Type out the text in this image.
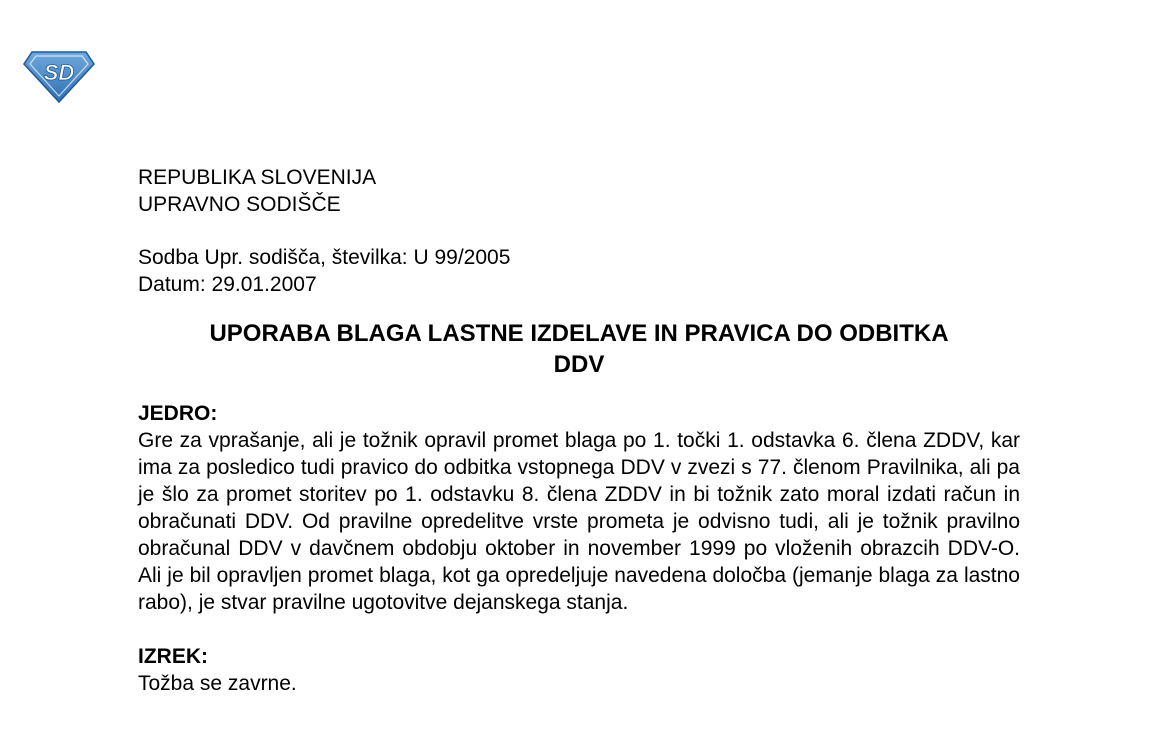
SD

REPUBLIKA SLOVENIJA

UPRAVNO SODIŠČE

Sodba Upr. sodišča, številka: U 99/2005

Datum: 29.01.2007

UPORABA BLAGA LASTNE IZDELAVE IN PRAVICA DO ODBITKA

DDV

JEDRO:

Gre za vprašanje, ali je tožnik opravil promet blaga po 1. točki 1. odstavka 6. člena ZDDV, kar ima za posledico tudi pravico do odbitka vstopnega DDV v zvezi s 77. členom Pravilnika, ali pa je šlo za promet storitev po 1. odstavku 8. člena ZDDV in bi tožnik zato moral izdati račun in obračunati DDV. Od pravilne opredelitve vrste prometa je odvisno tudi, ali je tožnik pravilno obračunal DDV v davčnem obdobju oktober in november 1999 po vloženih obrazcih DDV-O. Ali je bil opravljen promet blaga, kot ga opredeljuje navedena določba (jemanje blaga za lastno rabo), je stvar pravilne ugotovitve dejanskega stanja.

IZREK:

Tožba se zavrne.
